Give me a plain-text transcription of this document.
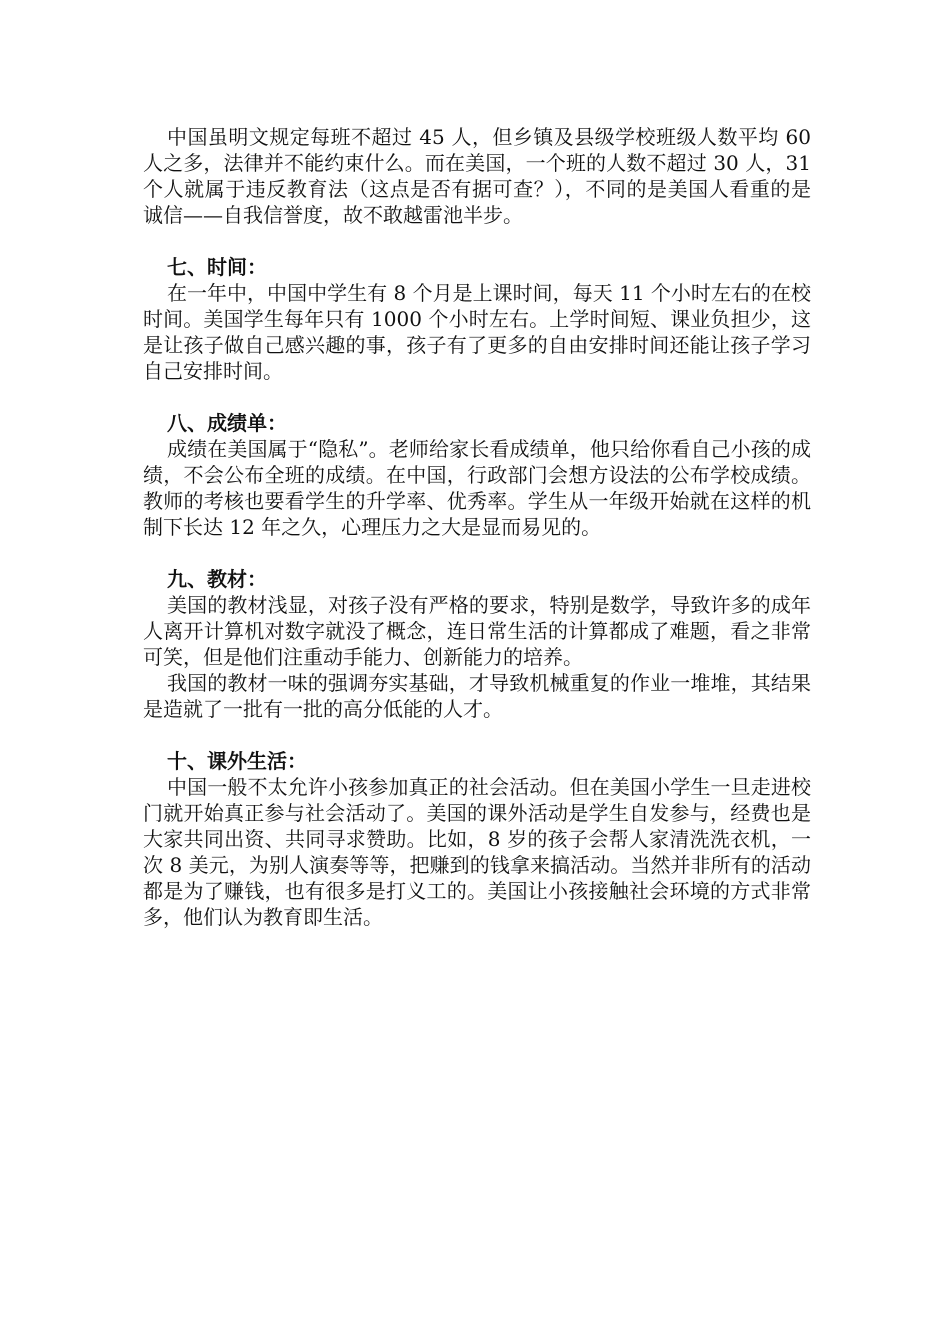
中国虽明文规定每班不超过 45 人，但乡镇及县级学校班级人数平均 60 人之多，法律并不能约束什么。而在美国，一个班的人数不超过 30 人，31 个人就属于违反教育法（这点是否有据可查？），不同的是美国人看重的是诚信——自我信誉度，故不敢越雷池半步。

七、时间：

在一年中，中国中学生有 8 个月是上课时间，每天 11 个小时左右的在校时间。美国学生每年只有 1000 个小时左右。上学时间短、课业负担少，这是让孩子做自己感兴趣的事，孩子有了更多的自由安排时间还能让孩子学习自己安排时间。

八、成绩单：

成绩在美国属于“隐私”。老师给家长看成绩单，他只给你看自己小孩的成绩，不会公布全班的成绩。在中国，行政部门会想方设法的公布学校成绩。教师的考核也要看学生的升学率、优秀率。学生从一年级开始就在这样的机制下长达 12 年之久，心理压力之大是显而易见的。

九、教材：

美国的教材浅显，对孩子没有严格的要求，特别是数学，导致许多的成年人离开计算机对数字就没了概念，连日常生活的计算都成了难题，看之非常可笑，但是他们注重动手能力、创新能力的培养。

我国的教材一味的强调夯实基础，才导致机械重复的作业一堆堆，其结果是造就了一批有一批的高分低能的人才。

十、课外生活：

中国一般不太允许小孩参加真正的社会活动。但在美国小学生一旦走进校门就开始真正参与社会活动了。美国的课外活动是学生自发参与，经费也是大家共同出资、共同寻求赞助。比如，8 岁的孩子会帮人家清洗洗衣机，一次 8 美元，为别人演奏等等，把赚到的钱拿来搞活动。当然并非所有的活动都是为了赚钱，也有很多是打义工的。美国让小孩接触社会环境的方式非常多，他们认为教育即生活。
